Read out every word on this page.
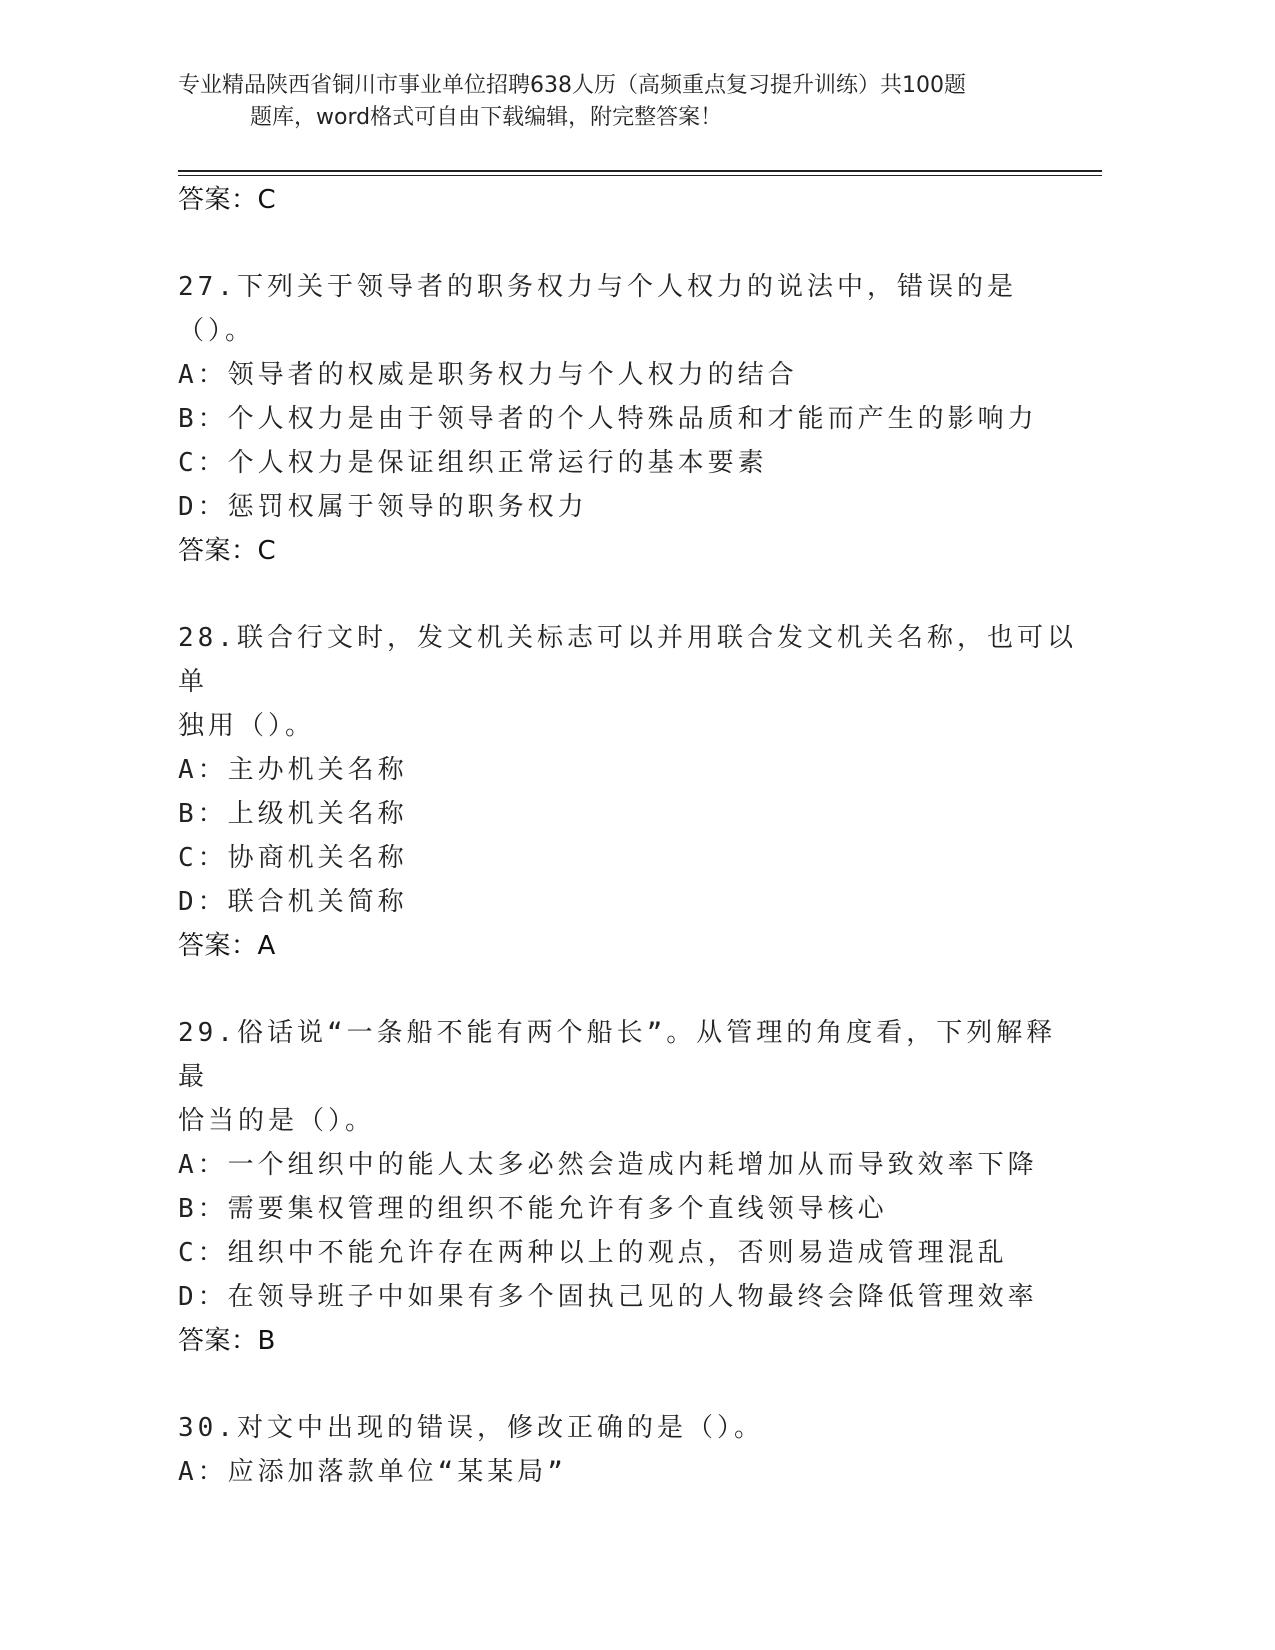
专业精品陕西省铜川市事业单位招聘638人历（高频重点复习提升训练）共100题
题库，word格式可自由下载编辑，附完整答案！
答案：C
27.下列关于领导者的职务权力与个人权力的说法中，错误的是（）。
A：领导者的权威是职务权力与个人权力的结合
B：个人权力是由于领导者的个人特殊品质和才能而产生的影响力
C：个人权力是保证组织正常运行的基本要素
D：惩罚权属于领导的职务权力
答案：C
28.联合行文时，发文机关标志可以并用联合发文机关名称，也可以单
独用（）。
A：主办机关名称
B：上级机关名称
C：协商机关名称
D：联合机关简称
答案：A
29.俗话说“一条船不能有两个船长”。从管理的角度看，下列解释最
恰当的是（）。
A：一个组织中的能人太多必然会造成内耗增加从而导致效率下降
B：需要集权管理的组织不能允许有多个直线领导核心
C：组织中不能允许存在两种以上的观点，否则易造成管理混乱
D：在领导班子中如果有多个固执己见的人物最终会降低管理效率
答案：B
30.对文中出现的错误，修改正确的是（）。
A：应添加落款单位“某某局”
